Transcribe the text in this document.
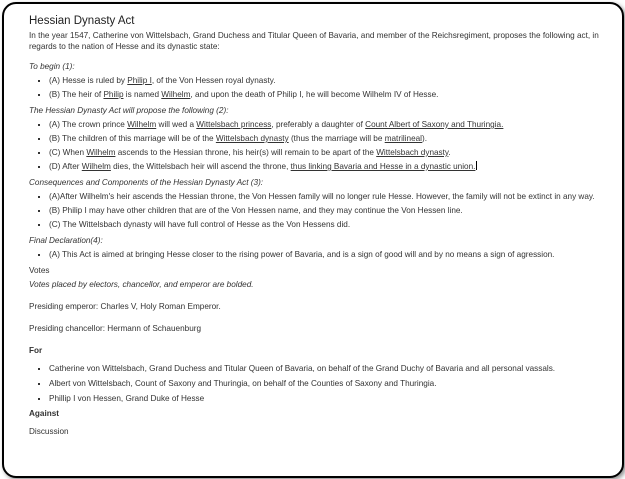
Hessian Dynasty Act

In the year 1547, Catherine von Wittelsbach, Grand Duchess and Titular Queen of Bavaria, and member of the Reichsregiment, proposes the following act, in regards to the nation of Hesse and its dynastic state:

To begin (1):

▪ (A) Hesse is ruled by Philip I, of the Von Hessen royal dynasty.
▪ (B) The heir of Philip is named Wilhelm, and upon the death of Philip I, he will become Wilhelm IV of Hesse.

The Hessian Dynasty Act will propose the following (2):

▪ (A) The crown prince Wilhelm will wed a Wittelsbach princess, preferably a daughter of Count Albert of Saxony and Thuringia.
▪ (B) The children of this marriage will be of the Wittelsbach dynasty (thus the marriage will be matrilineal).
▪ (C) When Wilhelm ascends to the Hessian throne, his heir(s) will remain to be apart of the Wittelsbach dynasty.
▪ (D) After Wilhelm dies, the Wittelsbach heir will ascend the throne, thus linking Bavaria and Hesse in a dynastic union.

Consequences and Components of the Hessian Dynasty Act (3):

▪ (A)After Wilhelm's heir ascends the Hessian throne, the Von Hessen family will no longer rule Hesse. However, the family will not be extinct in any way.
▪ (B) Philip I may have other children that are of the Von Hessen name, and they may continue the Von Hessen line.
▪ (C) The Wittelsbach dynasty will have full control of Hesse as the Von Hessens did.

Final Declaration(4):

▪ (A) This Act is aimed at bringing Hesse closer to the rising power of Bavaria, and is a sign of good will and by no means a sign of agression.

Votes

Votes placed by electors, chancellor, and emperor are bolded.

Presiding emperor: Charles V, Holy Roman Emperor.

Presiding chancellor: Hermann of Schauenburg

For

▪ Catherine von Wittelsbach, Grand Duchess and Titular Queen of Bavaria, on behalf of the Grand Duchy of Bavaria and all personal vassals.
▪ Albert von Wittelsbach, Count of Saxony and Thuringia, on behalf of the Counties of Saxony and Thuringia.
▪ Phillip I von Hessen, Grand Duke of Hesse

Against

Discussion
